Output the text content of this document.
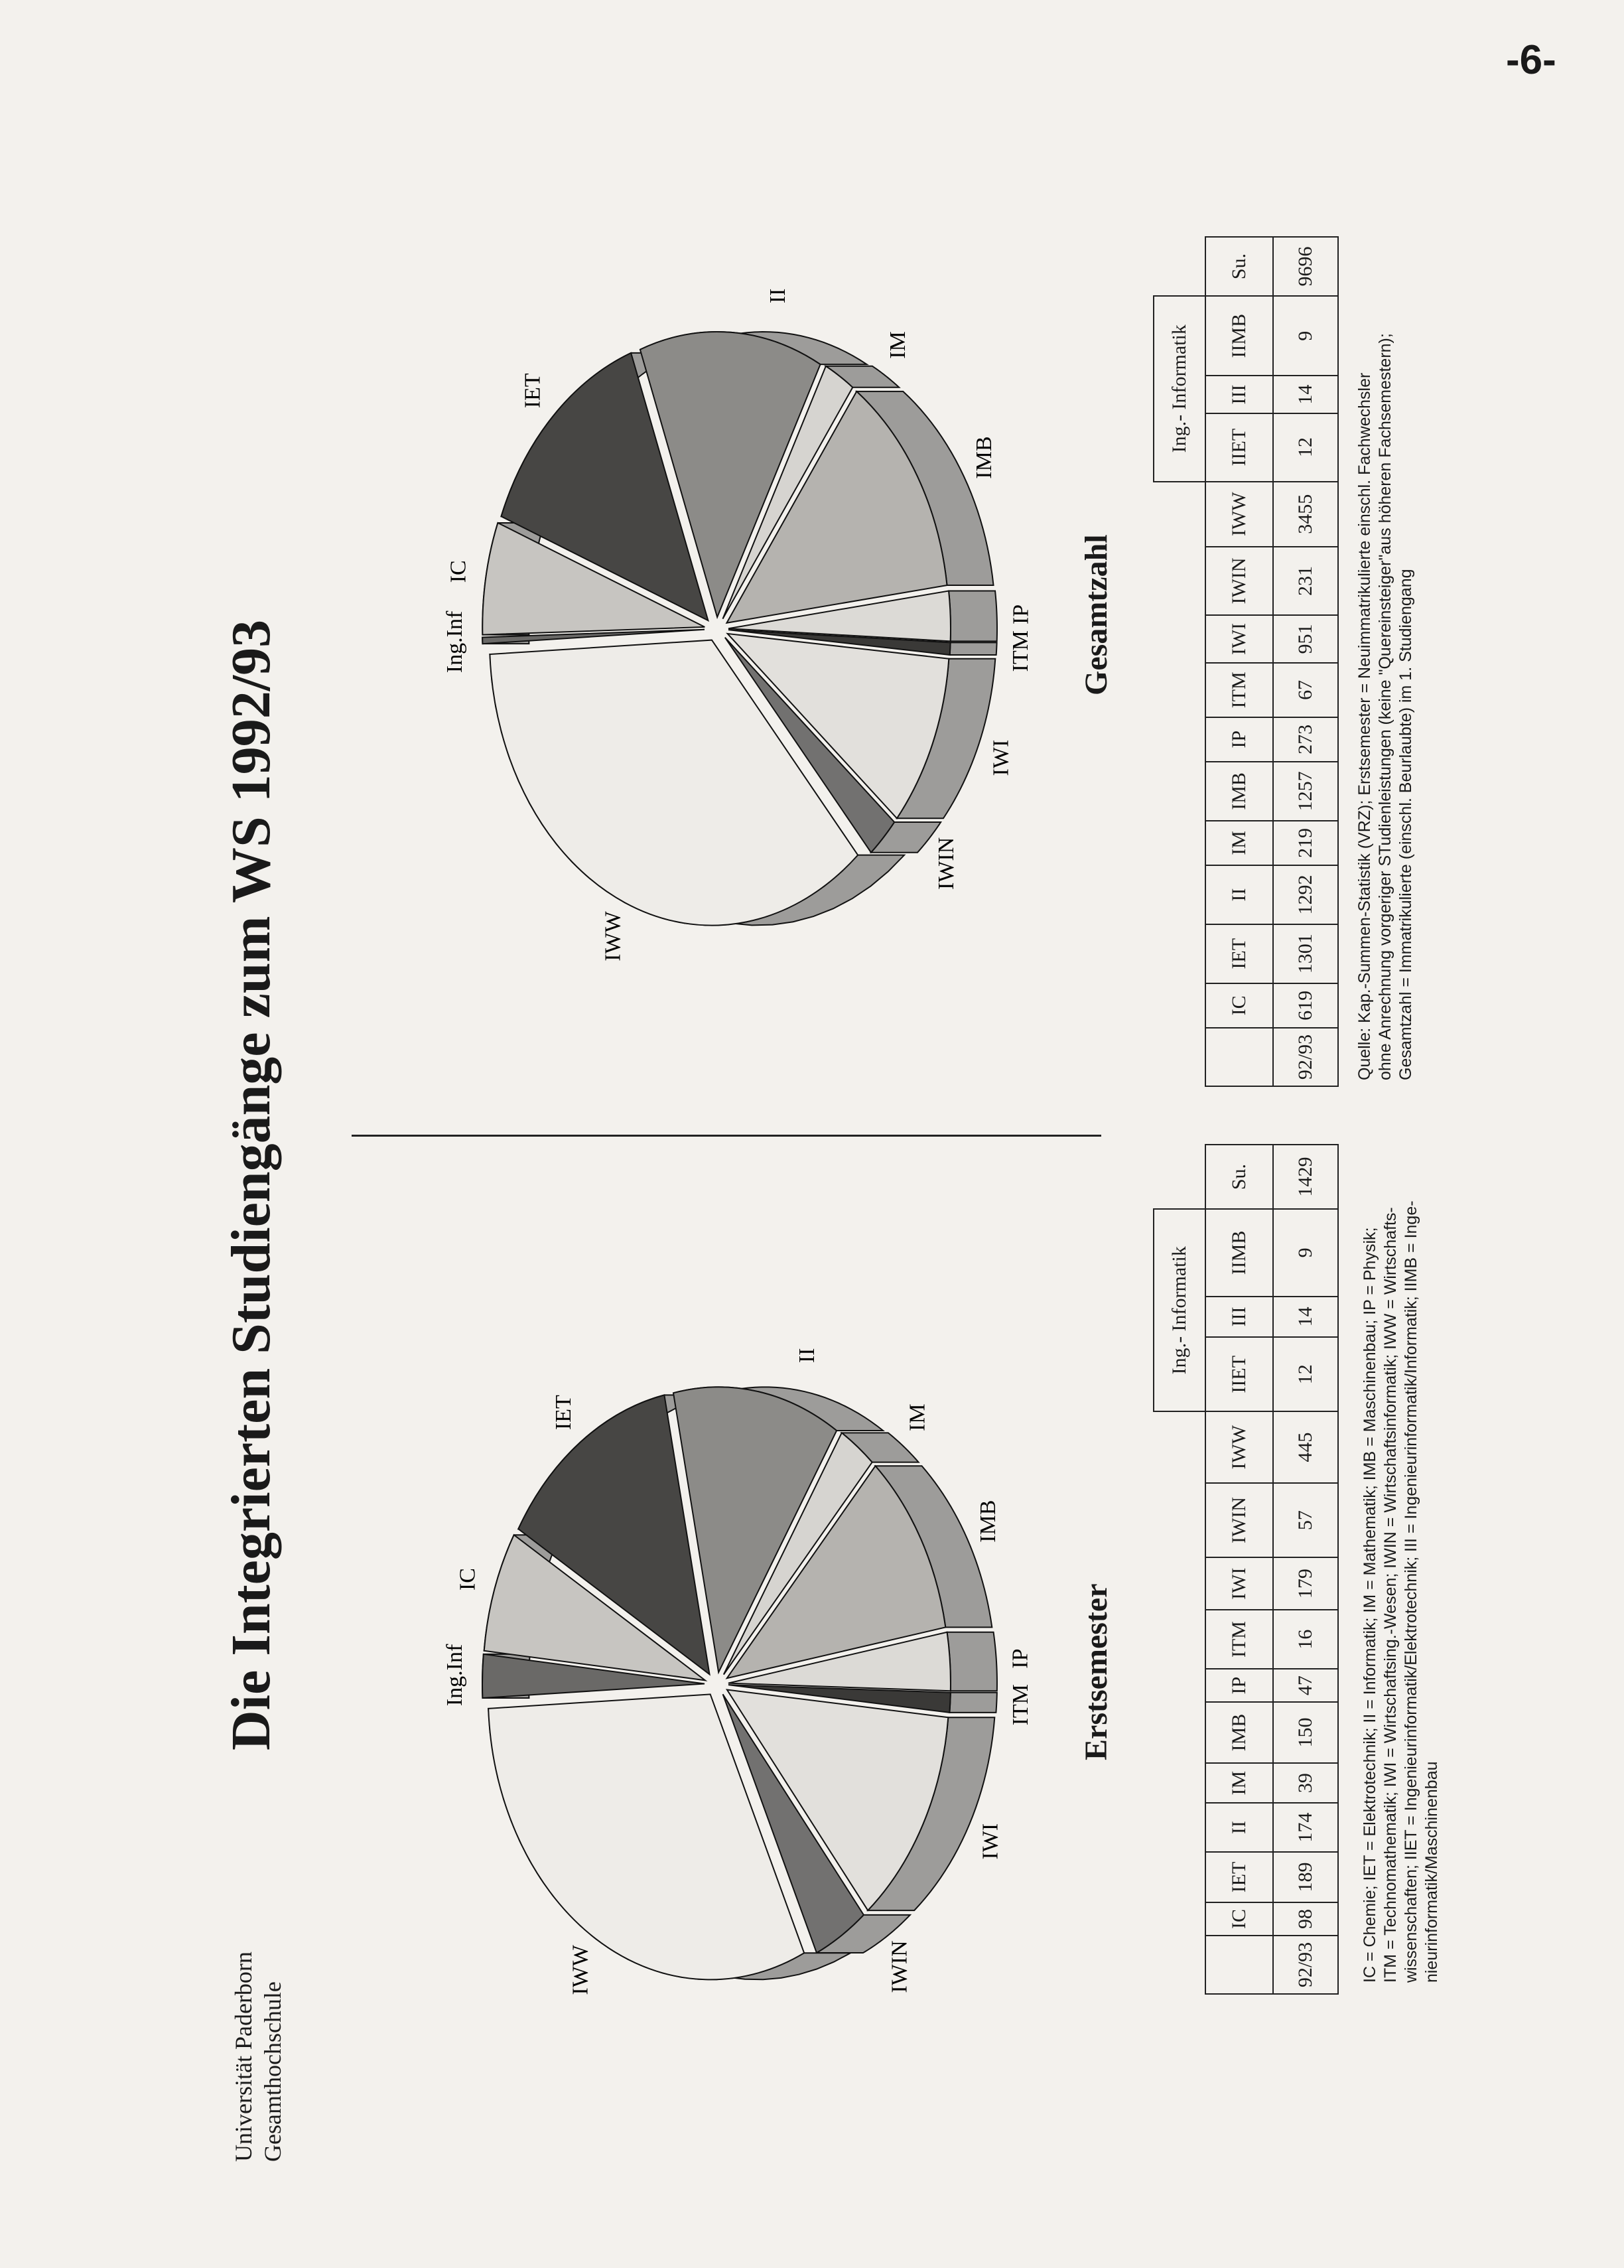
-6-
Universität Paderborn Gesamthochschule
Die Integrierten Studiengänge zum WS 1992/93	Ing.Inf
IC
IET
II
IM
IMB
IP
ITM
IWI
IWIN
IWW
Erstsemester
Ing.Inf
IC
IET
II
IM
IMB
IP
ITM
IWI
IWIN
IWW
Gesamtzahl
											Ing.- Informatik			
	IC	IET	II	IM	IMB	IP	ITM	IWI	IWIN	IWW	IIET	III	IIMB	Su.
92/93	98	189	174	39	150	47	16	179	57	445	12	14	9	1429
											Ing.- Informatik			
	IC	IET	II	IM	IMB	IP	ITM	IWI	IWIN	IWW	IIET	III	IIMB	Su.
92/93	619	1301	1292	219	1257	273	67	951	231	3455	12	14	9	9696
IC = Chemie; IET = Elektrotechnik; II = Informatik; IM = Mathematik; IMB = Maschinenbau; IP = Physik; ITM = Technomathematik; IWI = Wirtschaftsing.-Wesen; IWIN = Wirtschaftsinformatik; IWW = Wirtschafts- wissenschaften; IIET = Ingenieurinformatik/Elektrotechnik; III = Ingenieurinformatik/Informatik; IIMB = Inge- nieurinformatik/Maschinenbau
Quelle: Kap.-Summen-Statistik (VRZ); Erstsemester = Neuimmatrikulierte einschl. Fachwechsler ohne Anrechnung vorgeriger STudienleistungen (keine "Quereinsteiger"aus höheren Fachsemestern); Gesamtzahl = Immatrikulierte (einschl. Beurlaubte) im 1. Studiengang
